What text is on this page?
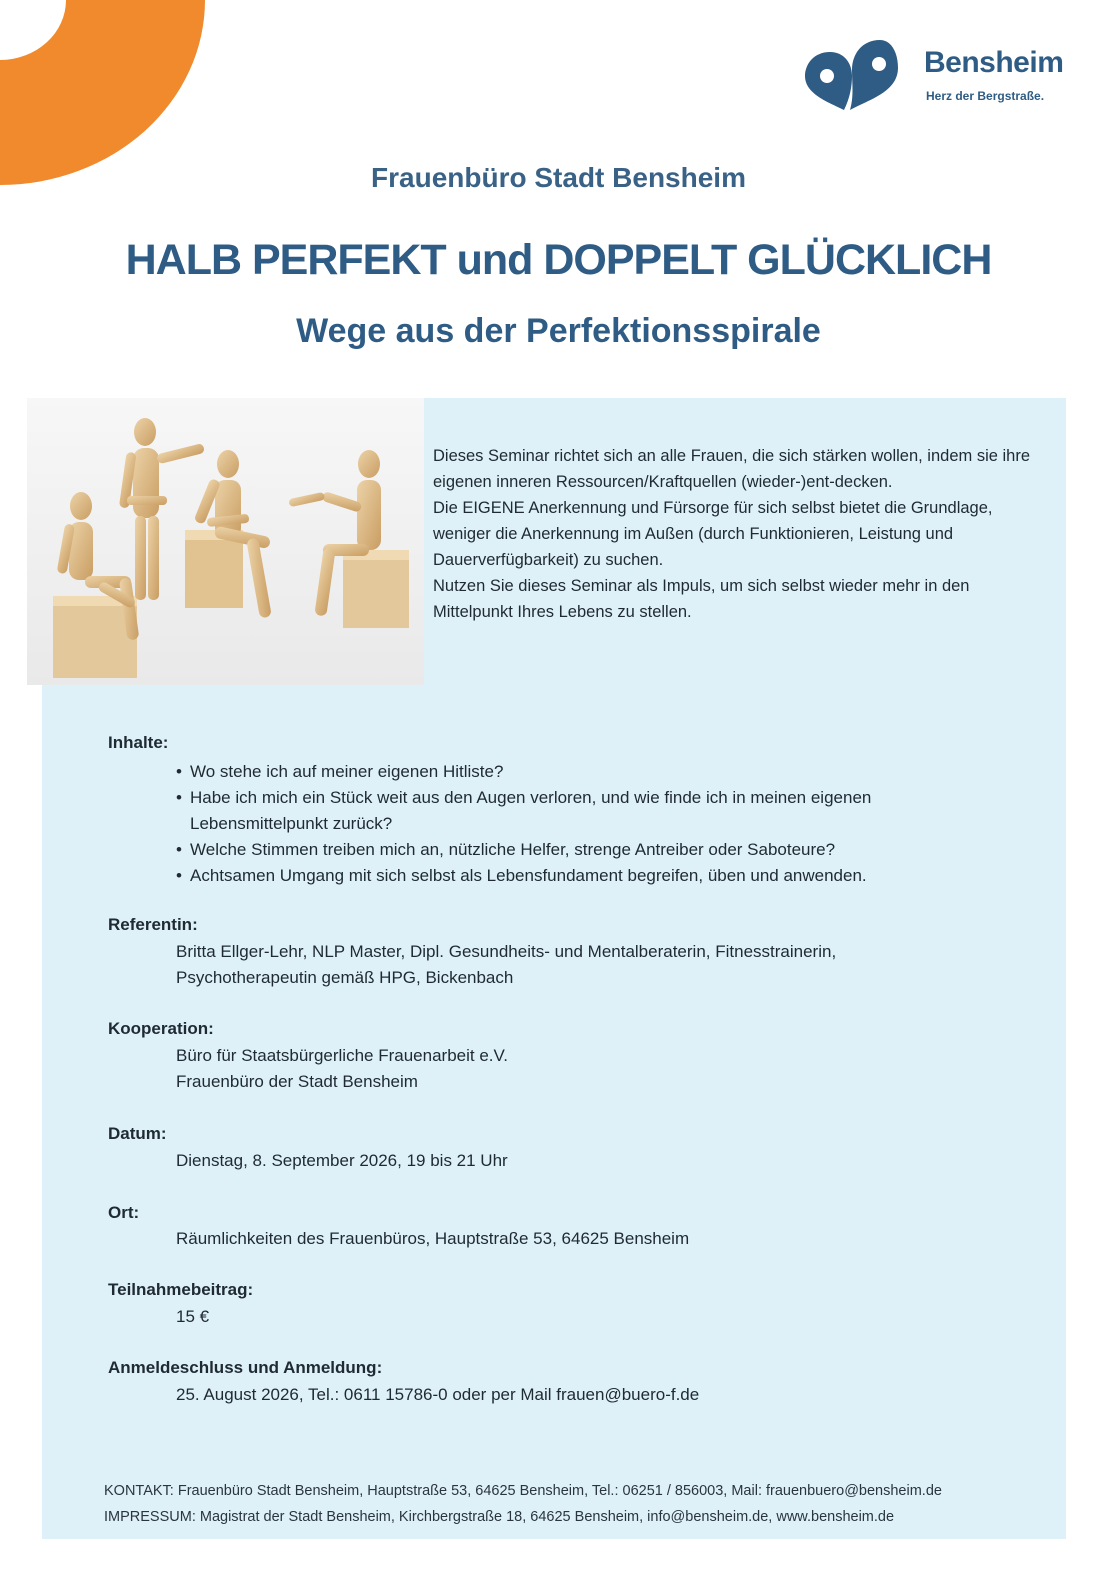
Bensheim
Herz der Bergstraße.
Frauenbüro Stadt Bensheim
HALB PERFEKT und DOPPELT GLÜCKLICH
Wege aus der Perfektionsspirale

Dieses Seminar richtet sich an alle Frauen, die sich stärken wollen, indem sie ihre eigenen inneren Ressourcen/Kraftquellen (wieder-)ent-decken.

Die EIGENE Anerkennung und Fürsorge für sich selbst bietet die Grundlage, weniger die Anerkennung im Außen (durch Funktionieren, Leistung und Dauerverfügbarkeit) zu suchen.

Nutzen Sie dieses Seminar als Impuls, um sich selbst wieder mehr in den Mittelpunkt Ihres Lebens zu stellen.

Inhalte:
• Wo stehe ich auf meiner eigenen Hitliste?
• Habe ich mich ein Stück weit aus den Augen verloren, und wie finde ich in meinen eigenen Lebensmittelpunkt zurück?
• Welche Stimmen treiben mich an, nützliche Helfer, strenge Antreiber oder Saboteure?
• Achtsamen Umgang mit sich selbst als Lebensfundament begreifen, üben und anwenden.
Referentin:

Britta Ellger-Lehr, NLP Master, Dipl. Gesundheits- und Mentalberaterin, Fitnesstrainerin,

Psychotherapeutin gemäß HPG, Bickenbach

Kooperation:

Büro für Staatsbürgerliche Frauenarbeit e.V.

Frauenbüro der Stadt Bensheim

Datum:

Dienstag, 8. September 2026, 19 bis 21 Uhr

Ort:

Räumlichkeiten des Frauenbüros, Hauptstraße 53, 64625 Bensheim

Teilnahmebeitrag:

15 €

Anmeldeschluss und Anmeldung:

25. August 2026, Tel.: 0611 15786-0 oder per Mail frauen@buero-f.de

KONTAKT: Frauenbüro Stadt Bensheim, Hauptstraße 53, 64625 Bensheim, Tel.: 06251 / 856003, Mail: frauenbuero@bensheim.de

IMPRESSUM: Magistrat der Stadt Bensheim, Kirchbergstraße 18, 64625 Bensheim, info@bensheim.de, www.bensheim.de
